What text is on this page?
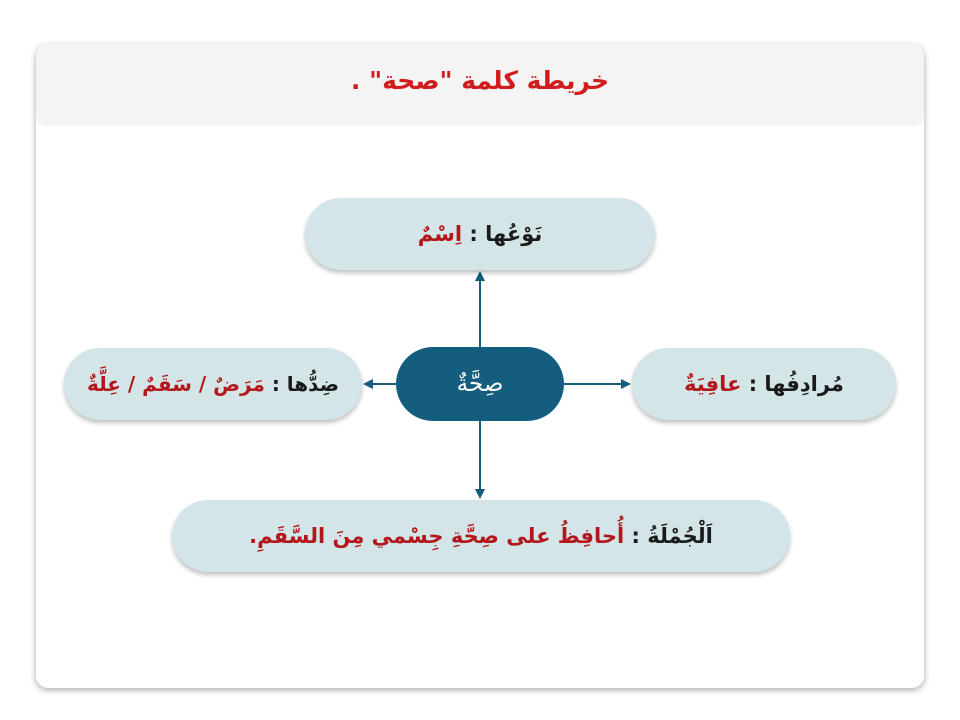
خريطة كلمة "صحة" .
صِحَّةٌ
نَوْعُها :

اِسْمٌ
مُرادِفُها :

عافِيَةٌ
ضِدُّها :

مَرَضٌ / سَقَمٌ / عِلَّةٌ
اَلْجُمْلَةُ :

أُحافِظُ على صِحَّةِ جِسْمي مِنَ السَّقَمِ.
